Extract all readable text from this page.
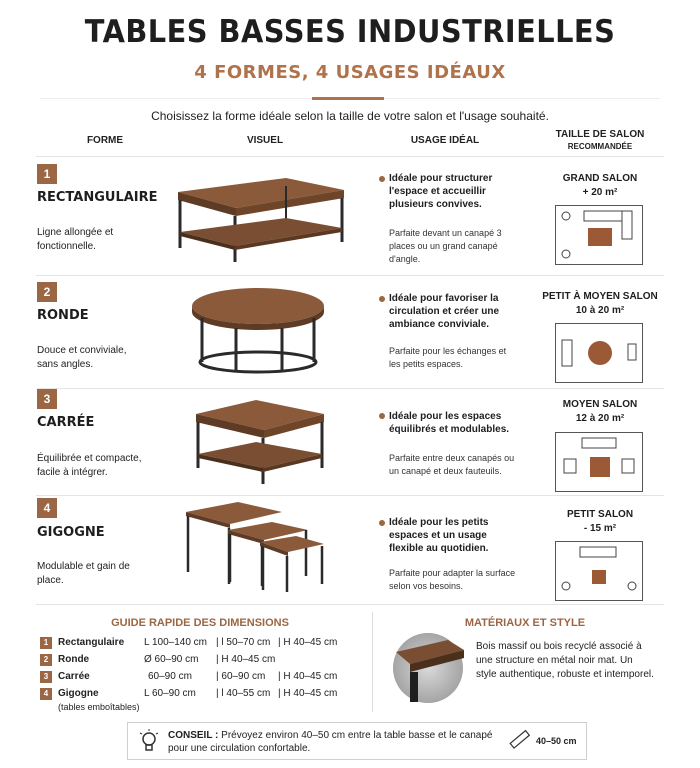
TABLES BASSES INDUSTRIELLES
4 FORMES, 4 USAGES IDÉAUX
Choisissez la forme idéale selon la taille de votre salon et l'usage souhaité.
FORME	VISUEL	USAGE IDÉAL
TAILLE DE SALON
RECOMMANDÉE
1
RECTANGULAIRE
Ligne allongée et fonctionnelle.
Idéale pour structurer l'espace et accueillir plusieurs convives.
Parfaite devant un canapé 3 places ou un grand canapé d'angle.
GRAND SALON
+ 20 m²
2
RONDE
Douce et conviviale, sans angles.
Idéale pour favoriser la circulation et créer une ambiance conviviale.
Parfaite pour les échanges et les petits espaces.
PETIT À MOYEN SALON
10 à 20 m²
3
CARRÉE
Équilibrée et compacte, facile à intégrer.
Idéale pour les espaces équilibrés et modulables.
Parfaite entre deux canapés ou un canapé et deux fauteuils.
MOYEN SALON
12 à 20 m²
4
GIGOGNE
Modulable et gain de place.
Idéale pour les petits espaces et un usage flexible au quotidien.
Parfaite pour adapter la surface selon vos besoins.
PETIT SALON
- 15 m²
GUIDE RAPIDE DES DIMENSIONS
1 Rectangulaire L 100–140 cm | l 50–70 cm | H 40–45 cm
2 Ronde	Ø 60–90 cm | H 40–45 cm
3 Carrée	60–90 cm | 60–90 cm | H 40–45 cm
4 Gigogne	L 60–90 cm | l 40–55 cm | H 40–45 cm
(tables emboîtables)
MATÉRIAUX ET STYLE
Bois massif ou bois recyclé associé à une structure en métal noir mat. Un style authentique, robuste et intemporel.
CONSEIL : Prévoyez environ 40–50 cm entre la table basse et le canapé pour une circulation confortable.
40–50 cm
